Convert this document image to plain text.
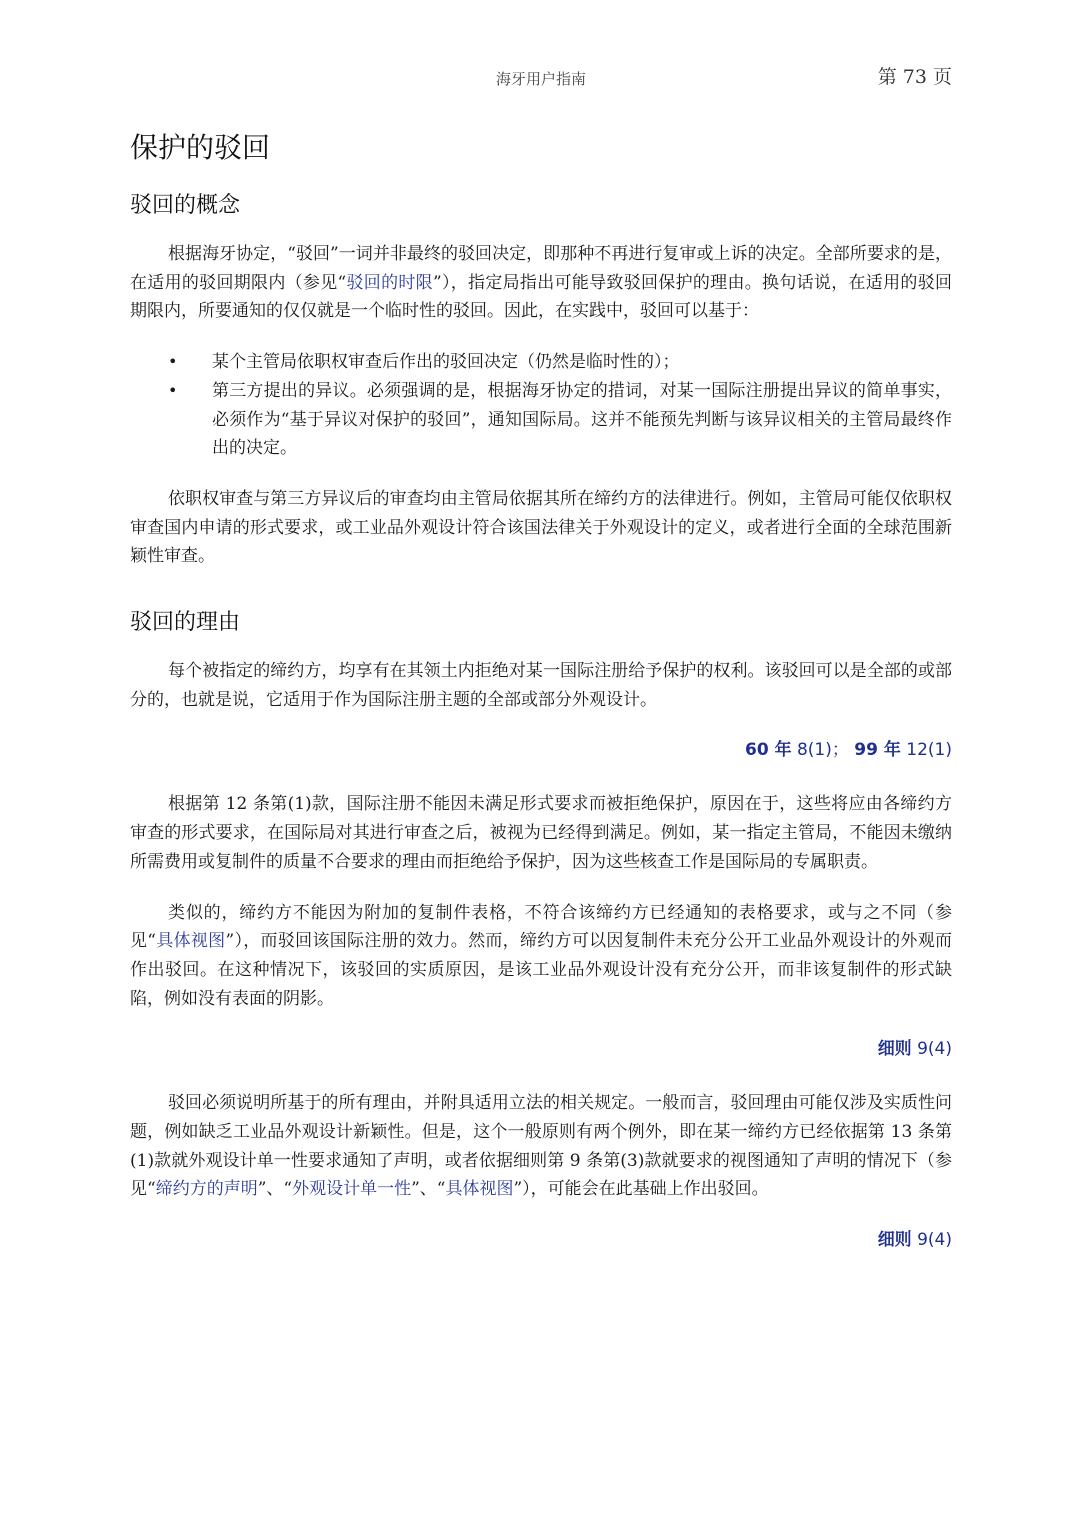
海牙用户指南	第 73 页
保护的驳回
驳回的概念

根据海牙协定，“驳回”一词并非最终的驳回决定，即那种不再进行复审或上诉的决定。全部所要求的是，在适用的驳回期限内（参见“驳回的时限”），指定局指出可能导致驳回保护的理由。换句话说，在适用的驳回期限内，所要通知的仅仅就是一个临时性的驳回。因此，在实践中，驳回可以基于：

• 某个主管局依职权审查后作出的驳回决定（仍然是临时性的）；
• 第三方提出的异议。必须强调的是，根据海牙协定的措词，对某一国际注册提出异议的简单事实，必须作为“基于异议对保护的驳回”，通知国际局。这并不能预先判断与该异议相关的主管局最终作出的决定。

依职权审查与第三方异议后的审查均由主管局依据其所在缔约方的法律进行。例如，主管局可能仅依职权审查国内申请的形式要求，或工业品外观设计符合该国法律关于外观设计的定义，或者进行全面的全球范围新颖性审查。

驳回的理由

每个被指定的缔约方，均享有在其领土内拒绝对某一国际注册给予保护的权利。该驳回可以是全部的或部分的，也就是说，它适用于作为国际注册主题的全部或部分外观设计。

60 年 8(1)； 99 年 12(1)

根据第 12 条第(1)款，国际注册不能因未满足形式要求而被拒绝保护，原因在于，这些将应由各缔约方审查的形式要求，在国际局对其进行审查之后，被视为已经得到满足。例如，某一指定主管局，不能因未缴纳所需费用或复制件的质量不合要求的理由而拒绝给予保护，因为这些核查工作是国际局的专属职责。

类似的，缔约方不能因为附加的复制件表格，不符合该缔约方已经通知的表格要求，或与之不同（参见“具体视图”），而驳回该国际注册的效力。然而，缔约方可以因复制件未充分公开工业品外观设计的外观而作出驳回。在这种情况下，该驳回的实质原因，是该工业品外观设计没有充分公开，而非该复制件的形式缺陷，例如没有表面的阴影。

细则 9(4)

驳回必须说明所基于的所有理由，并附具适用立法的相关规定。一般而言，驳回理由可能仅涉及实质性问题，例如缺乏工业品外观设计新颖性。但是，这个一般原则有两个例外，即在某一缔约方已经依据第 13 条第(1)款就外观设计单一性要求通知了声明，或者依据细则第 9 条第(3)款就要求的视图通知了声明的情况下（参见“缔约方的声明”、“外观设计单一性”、“具体视图”），可能会在此基础上作出驳回。

细则 9(4)
